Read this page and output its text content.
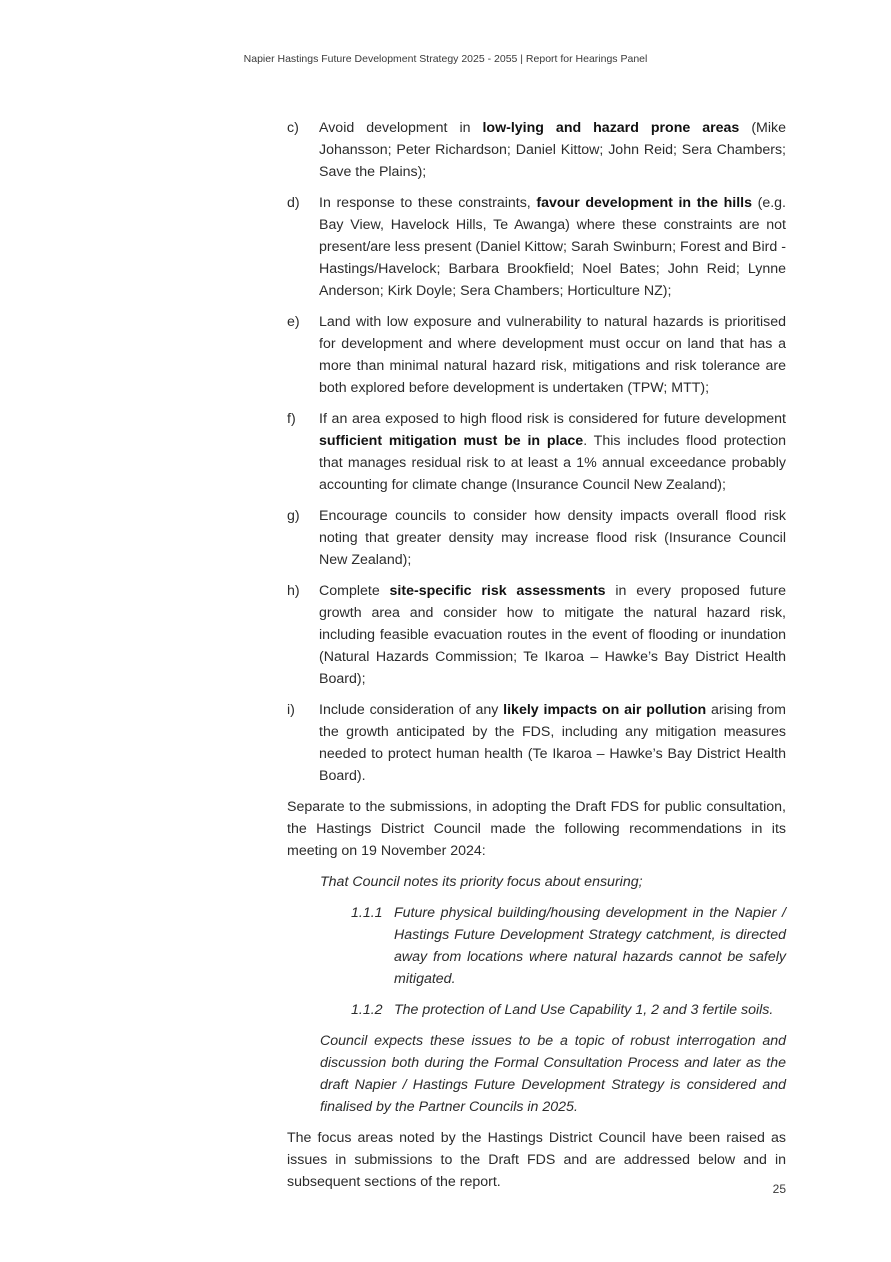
Napier Hastings Future Development Strategy 2025 - 2055 | Report for Hearings Panel
c)	Avoid development in low-lying and hazard prone areas (Mike Johansson; Peter Richardson; Daniel Kittow; John Reid; Sera Chambers; Save the Plains);
d)	In response to these constraints, favour development in the hills (e.g. Bay View, Havelock Hills, Te Awanga) where these constraints are not present/are less present (Daniel Kittow; Sarah Swinburn; Forest and Bird - Hastings/Havelock; Barbara Brookfield; Noel Bates; John Reid; Lynne Anderson; Kirk Doyle; Sera Chambers; Horticulture NZ);
e)	Land with low exposure and vulnerability to natural hazards is prioritised for development and where development must occur on land that has a more than minimal natural hazard risk, mitigations and risk tolerance are both explored before development is undertaken (TPW; MTT);
f)	If an area exposed to high flood risk is considered for future development sufficient mitigation must be in place. This includes flood protection that manages residual risk to at least a 1% annual exceedance probably accounting for climate change (Insurance Council New Zealand);
g)	Encourage councils to consider how density impacts overall flood risk noting that greater density may increase flood risk (Insurance Council New Zealand);
h)	Complete site-specific risk assessments in every proposed future growth area and consider how to mitigate the natural hazard risk, including feasible evacuation routes in the event of flooding or inundation (Natural Hazards Commission; Te Ikaroa – Hawke’s Bay District Health Board);
i)	Include consideration of any likely impacts on air pollution arising from the growth anticipated by the FDS, including any mitigation measures needed to protect human health (Te Ikaroa – Hawke’s Bay District Health Board).

Separate to the submissions, in adopting the Draft FDS for public consultation, the Hastings District Council made the following recommendations in its meeting on 19 November 2024:

That Council notes its priority focus about ensuring;

1.1.1 Future physical building/housing development in the Napier / Hastings Future Development Strategy catchment, is directed away from locations where natural hazards cannot be safely mitigated.
1.1.2 The protection of Land Use Capability 1, 2 and 3 fertile soils.

Council expects these issues to be a topic of robust interrogation and discussion both during the Formal Consultation Process and later as the draft Napier / Hastings Future Development Strategy is considered and finalised by the Partner Councils in 2025.

The focus areas noted by the Hastings District Council have been raised as issues in submissions to the Draft FDS and are addressed below and in subsequent sections of the report.	25
